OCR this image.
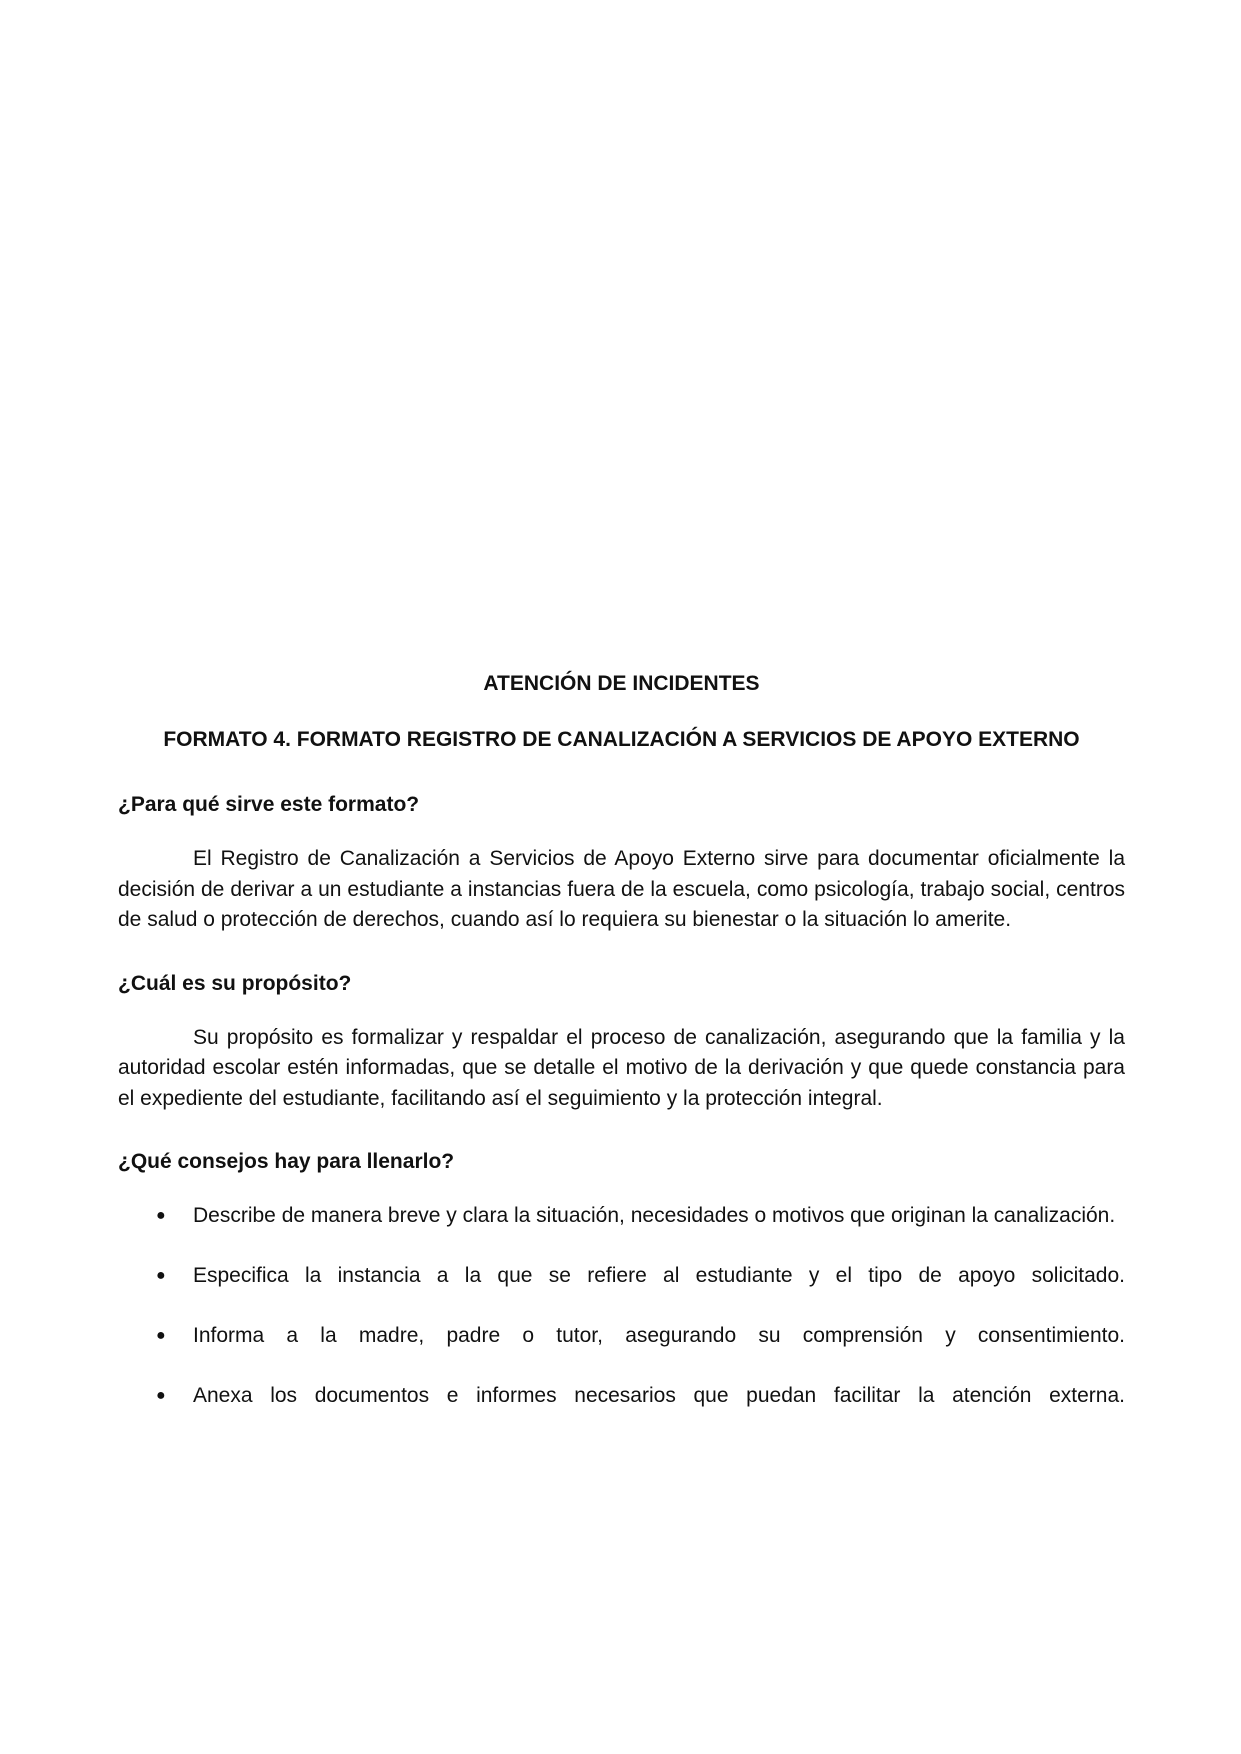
ATENCIÓN DE INCIDENTES
FORMATO 4. FORMATO REGISTRO DE CANALIZACIÓN A SERVICIOS DE APOYO EXTERNO
¿Para qué sirve este formato?

El Registro de Canalización a Servicios de Apoyo Externo sirve para documentar oficialmente la decisión de derivar a un estudiante a instancias fuera de la escuela, como psicología, trabajo social, centros de salud o protección de derechos, cuando así lo requiera su bienestar o la situación lo amerite.

¿Cuál es su propósito?

Su propósito es formalizar y respaldar el proceso de canalización, asegurando que la familia y la autoridad escolar estén informadas, que se detalle el motivo de la derivación y que quede constancia para el expediente del estudiante, facilitando así el seguimiento y la protección integral.

¿Qué consejos hay para llenarlo?
● Describe de manera breve y clara la situación, necesidades o motivos que originan la canalización.
● Especifica la instancia a la que se refiere al estudiante y el tipo de apoyo solicitado.
● Informa a la madre, padre o tutor, asegurando su comprensión y consentimiento.
● Anexa los documentos e informes necesarios que puedan facilitar la atención externa.
